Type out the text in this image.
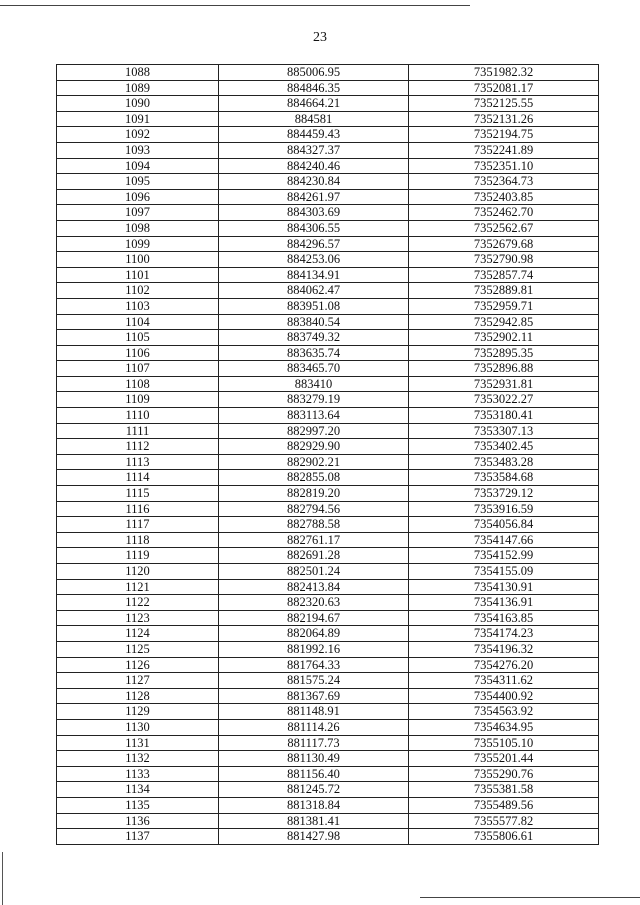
23
1088	885006.95	7351982.32
1089	884846.35	7352081.17
1090	884664.21	7352125.55
1091	884581	7352131.26
1092	884459.43	7352194.75
1093	884327.37	7352241.89
1094	884240.46	7352351.10
1095	884230.84	7352364.73
1096	884261.97	7352403.85
1097	884303.69	7352462.70
1098	884306.55	7352562.67
1099	884296.57	7352679.68
1100	884253.06	7352790.98
1101	884134.91	7352857.74
1102	884062.47	7352889.81
1103	883951.08	7352959.71
1104	883840.54	7352942.85
1105	883749.32	7352902.11
1106	883635.74	7352895.35
1107	883465.70	7352896.88
1108	883410	7352931.81
1109	883279.19	7353022.27
1110	883113.64	7353180.41
1111	882997.20	7353307.13
1112	882929.90	7353402.45
1113	882902.21	7353483.28
1114	882855.08	7353584.68
1115	882819.20	7353729.12
1116	882794.56	7353916.59
1117	882788.58	7354056.84
1118	882761.17	7354147.66
1119	882691.28	7354152.99
1120	882501.24	7354155.09
1121	882413.84	7354130.91
1122	882320.63	7354136.91
1123	882194.67	7354163.85
1124	882064.89	7354174.23
1125	881992.16	7354196.32
1126	881764.33	7354276.20
1127	881575.24	7354311.62
1128	881367.69	7354400.92
1129	881148.91	7354563.92
1130	881114.26	7354634.95
1131	881117.73	7355105.10
1132	881130.49	7355201.44
1133	881156.40	7355290.76
1134	881245.72	7355381.58
1135	881318.84	7355489.56
1136	881381.41	7355577.82
1137	881427.98	7355806.61
